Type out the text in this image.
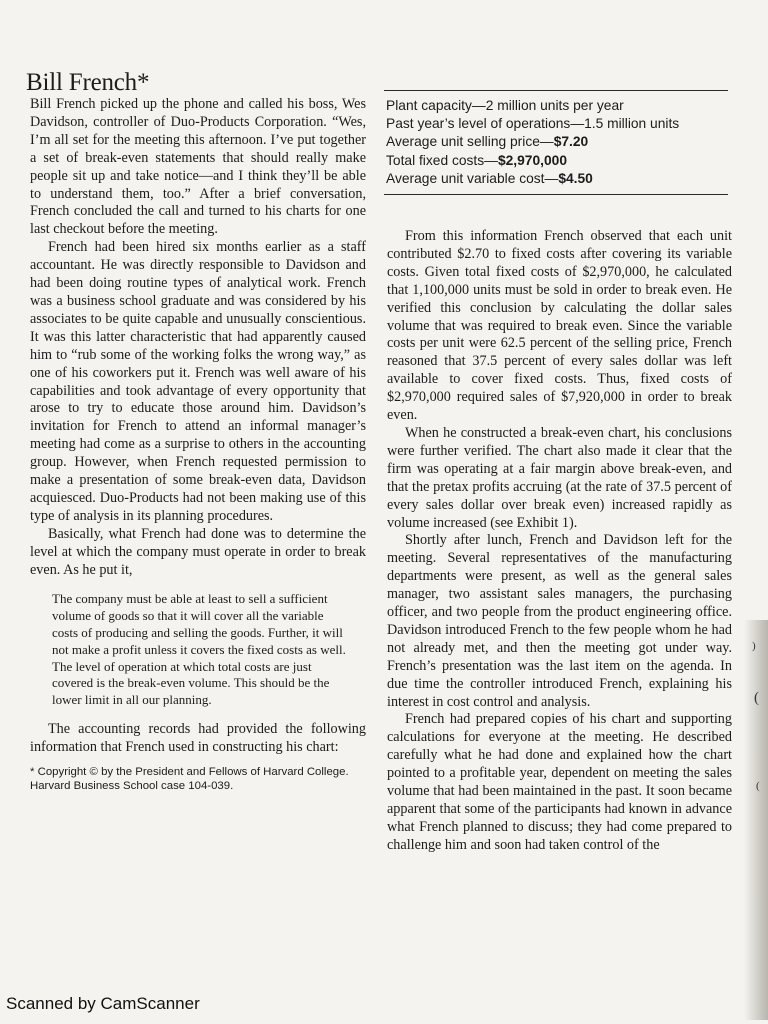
Bill French*
Plant capacity—2 million units per year
Past year’s level of operations—1.5 million units
Average unit selling price—$7.20
Total fixed costs—$2,970,000
Average unit variable cost—$4.50

Bill French picked up the phone and called his boss, Wes Davidson, controller of Duo-Products Corporation. “Wes, I’m all set for the meeting this afternoon. I’ve put together a set of break-even statements that should really make people sit up and take notice—and I think they’ll be able to understand them, too.” After a brief conversation, French concluded the call and turned to his charts for one last checkout before the meeting.

French had been hired six months earlier as a staff accountant. He was directly responsible to Davidson and had been doing routine types of analytical work. French was a business school graduate and was considered by his associates to be quite capable and unusually conscientious. It was this latter characteristic that had apparently caused him to “rub some of the working folks the wrong way,” as one of his coworkers put it. French was well aware of his capabilities and took advantage of every opportunity that arose to try to educate those around him. Davidson’s invitation for French to attend an informal manager’s meeting had come as a surprise to others in the accounting group. However, when French requested permission to make a presentation of some break-even data, Davidson acquiesced. Duo-Products had not been making use of this type of analysis in its planning procedures.

Basically, what French had done was to determine the level at which the company must operate in order to break even. As he put it,

The company must be able at least to sell a sufficient volume of goods so that it will cover all the variable costs of producing and selling the goods. Further, it will not make a profit unless it covers the fixed costs as well. The level of operation at which total costs are just covered is the break-even volume. This should be the lower limit in all our planning.

The accounting records had provided the following information that French used in constructing his chart:

* Copyright © by the President and Fellows of Harvard College. Harvard Business School case 104-039.

From this information French observed that each unit contributed $2.70 to fixed costs after covering its variable costs. Given total fixed costs of $2,970,000, he calculated that 1,100,000 units must be sold in order to break even. He verified this conclusion by calculating the dollar sales volume that was required to break even. Since the variable costs per unit were 62.5 percent of the selling price, French reasoned that 37.5 percent of every sales dollar was left available to cover fixed costs. Thus, fixed costs of $2,970,000 required sales of $7,920,000 in order to break even.

When he constructed a break-even chart, his conclusions were further verified. The chart also made it clear that the firm was operating at a fair margin above break-even, and that the pretax profits accruing (at the rate of 37.5 percent of every sales dollar over break even) increased rapidly as volume increased (see Exhibit 1).

Shortly after lunch, French and Davidson left for the meeting. Several representatives of the manufacturing departments were present, as well as the general sales manager, two assistant sales managers, the purchasing officer, and two people from the product engineering office. Davidson introduced French to the few people whom he had not already met, and then the meeting got under way. French’s presentation was the last item on the agenda. In due time the controller introduced French, explaining his interest in cost control and analysis.

French had prepared copies of his chart and supporting calculations for everyone at the meeting. He described carefully what he had done and explained how the chart pointed to a profitable year, dependent on meeting the sales volume that had been maintained in the past. It soon became apparent that some of the participants had known in advance what French planned to discuss; they had come prepared to challenge him and soon had taken control of the

)
(
(
Scanned by CamScanner
